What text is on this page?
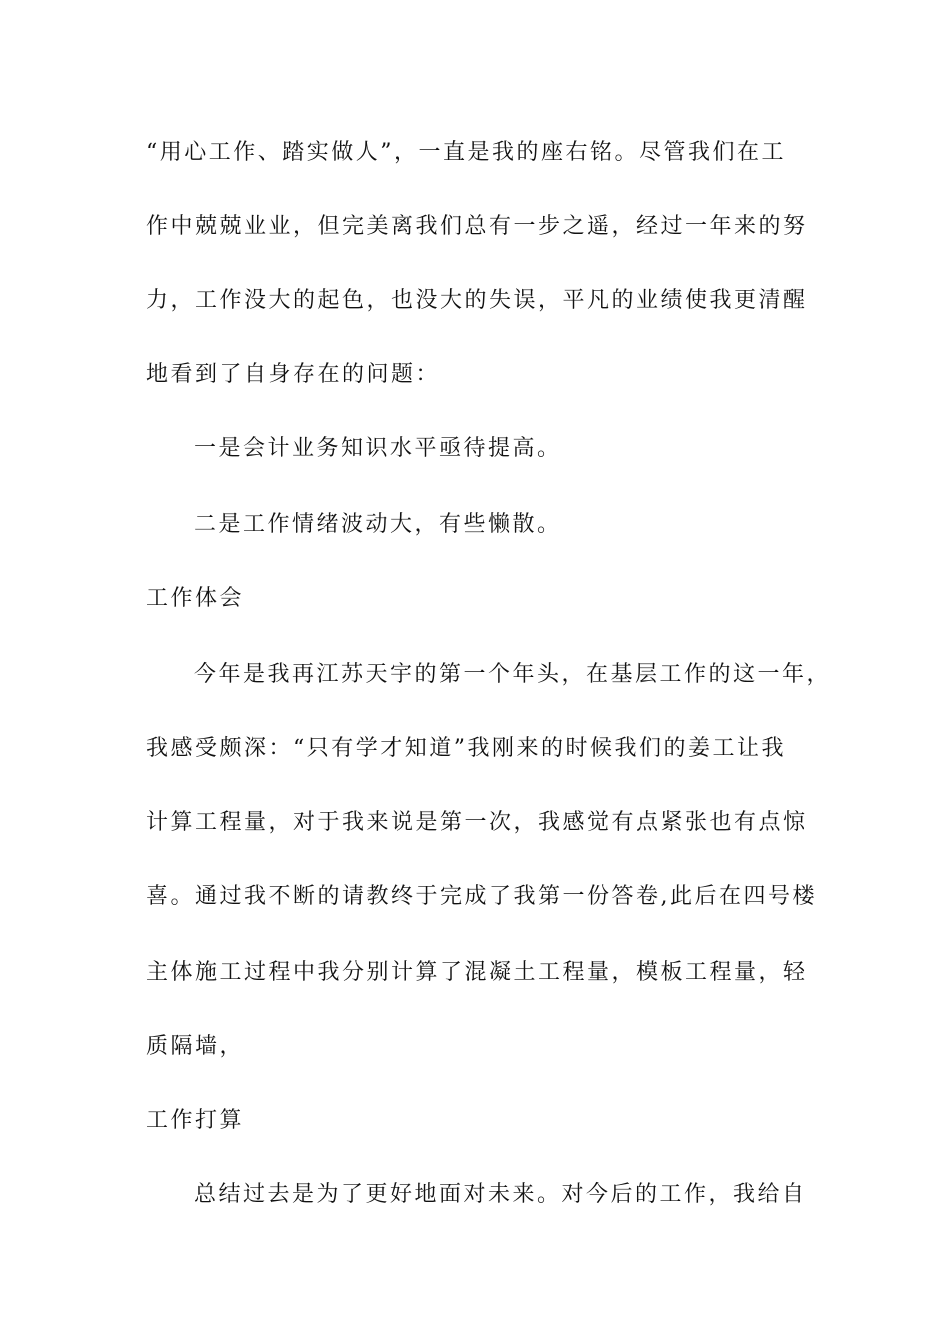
“用心工作、踏实做人”，一直是我的座右铭。尽管我们在工
作中兢兢业业，但完美离我们总有一步之遥，经过一年来的努
力，工作没大的起色，也没大的失误，平凡的业绩使我更清醒
地看到了自身存在的问题：
一是会计业务知识水平亟待提高。
二是工作情绪波动大，有些懒散。
工作体会
今年是我再江苏天宇的第一个年头，在基层工作的这一年，
我感受颇深：“只有学才知道”我刚来的时候我们的姜工让我
计算工程量，对于我来说是第一次，我感觉有点紧张也有点惊
喜。通过我不断的请教终于完成了我第一份答卷,此后在四号楼
主体施工过程中我分别计算了混凝土工程量，模板工程量，轻
质隔墙，
工作打算
总结过去是为了更好地面对未来。对今后的工作，我给自
